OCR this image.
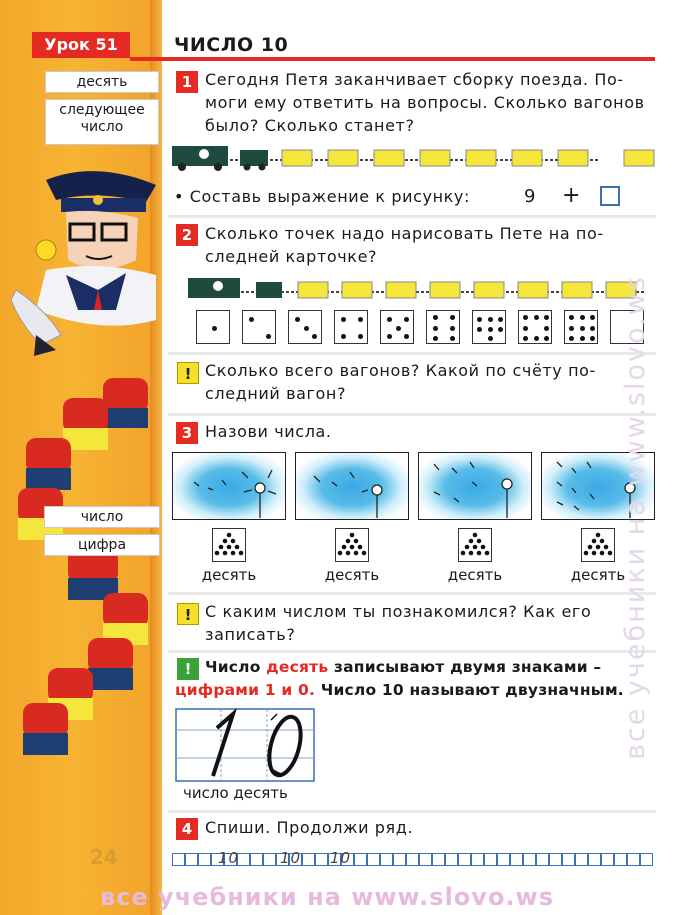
Урок 51	ЧИСЛО 10
десять
следующее
число
число
цифра
24
1 Сегодня Петя заканчивает сборку поезда. По-
моги ему ответить на вопросы. Сколько вагонов
было? Сколько станет?
• Составь выражение к рисунку:	9 +
2 Сколько точек надо нарисовать Пете на по-
следней карточке?
! Сколько всего вагонов? Какой по счёту по-
следний вагон?
3 Назови числа.
десять	десять	десять	десять
! С каким числом ты познакомился? Как его
записать?
! Число десять записывают двумя знаками –
цифрами 1 и 0. Число 10 называют двузначным.
число десять
4 Спиши. Продолжи ряд.
10	10 10
все учебники на www.slovo.ws
все учебники на www.slovo.ws
